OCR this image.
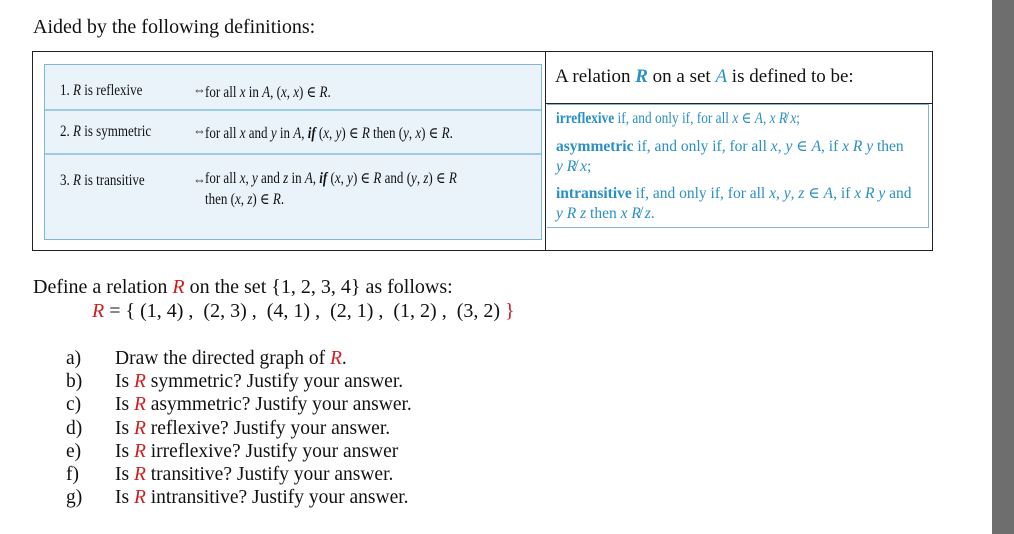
Aided by the following definitions:
1. R is reflexive	⇔ for all x in A, (x, x) ∈ R.
2. R is symmetric	⇔ for all x and y in A, if (x, y) ∈ R then (y, x) ∈ R.
3. R is transitive	⇔ for all x, y and z in A, if (x, y) ∈ R and (y, z) ∈ R
then (x, z) ∈ R.
A relation R on a set A is defined to be:
irreflexive if, and only if, for all x ∈ A, x R̸ x;
asymmetric if, and only if, for all x, y ∈ A, if x R y then
y R̸ x;
intransitive if, and only if, for all x, y, z ∈ A, if x R y and
y R z then x R̸ z.
Define a relation R on the set {1, 2, 3, 4} as follows:
R = { (1, 4) ,  (2, 3) ,  (4, 1) ,  (2, 1) ,  (1, 2) ,  (3, 2) }
a) Draw the directed graph of R.
b) Is R symmetric? Justify your answer.
c) Is R asymmetric? Justify your answer.
d) Is R reflexive? Justify your answer.
e) Is R irreflexive? Justify your answer
f) Is R transitive? Justify your answer.
g) Is R intransitive? Justify your answer.
